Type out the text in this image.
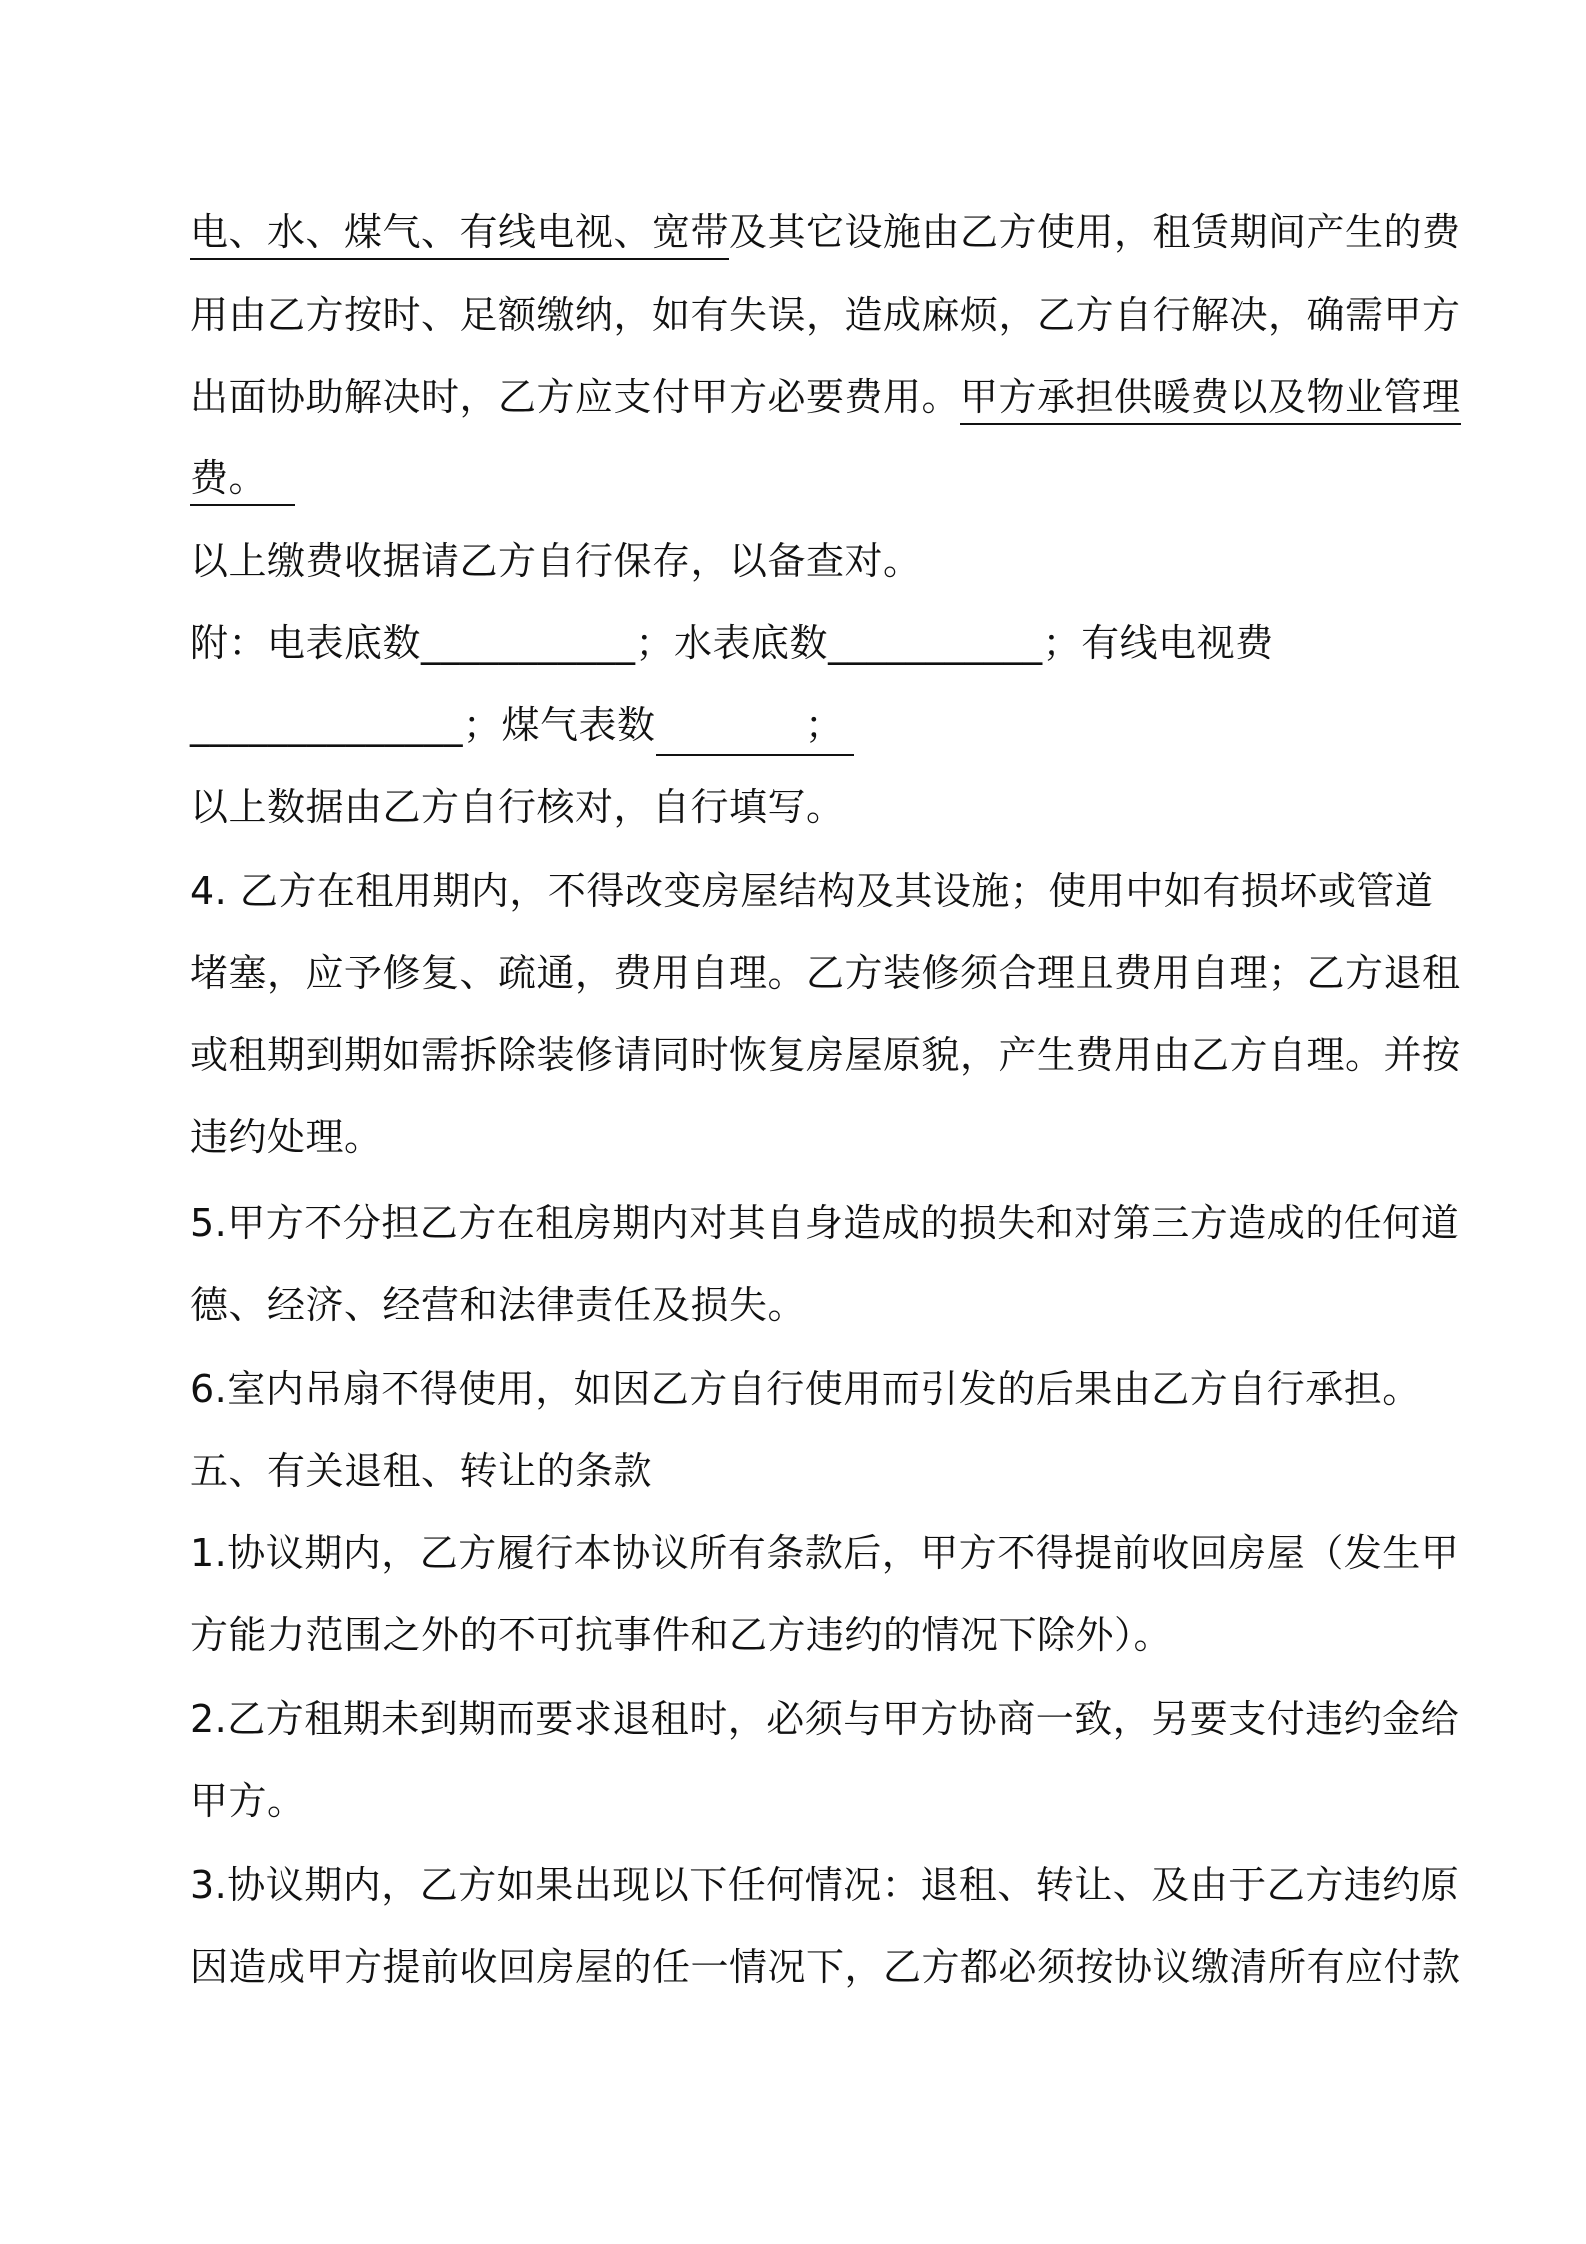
电、水、煤气、有线电视、宽带及其它设施由乙方使用，租赁期间产生的费
用由乙方按时、足额缴纳，如有失误，造成麻烦，乙方自行解决，确需甲方
出面协助解决时，乙方应支付甲方必要费用。甲方承担供暖费以及物业管理
费。
以上缴费收据请乙方自行保存，以备查对。
附：电表底数___________；水表底数___________；有线电视费
______________；煤气表数	；
以上数据由乙方自行核对，自行填写。
4. 乙方在租用期内，不得改变房屋结构及其设施；使用中如有损坏或管道
堵塞，应予修复、疏通，费用自理。乙方装修须合理且费用自理；乙方退租
或租期到期如需拆除装修请同时恢复房屋原貌，产生费用由乙方自理。并按
违约处理。
5.甲方不分担乙方在租房期内对其自身造成的损失和对第三方造成的任何道
德、经济、经营和法律责任及损失。
6.室内吊扇不得使用，如因乙方自行使用而引发的后果由乙方自行承担。
五、有关退租、转让的条款
1.协议期内，乙方履行本协议所有条款后，甲方不得提前收回房屋（发生甲
方能力范围之外的不可抗事件和乙方违约的情况下除外）。
2.乙方租期未到期而要求退租时，必须与甲方协商一致，另要支付违约金给
甲方。
3.协议期内，乙方如果出现以下任何情况：退租、转让、及由于乙方违约原
因造成甲方提前收回房屋的任一情况下，乙方都必须按协议缴清所有应付款
